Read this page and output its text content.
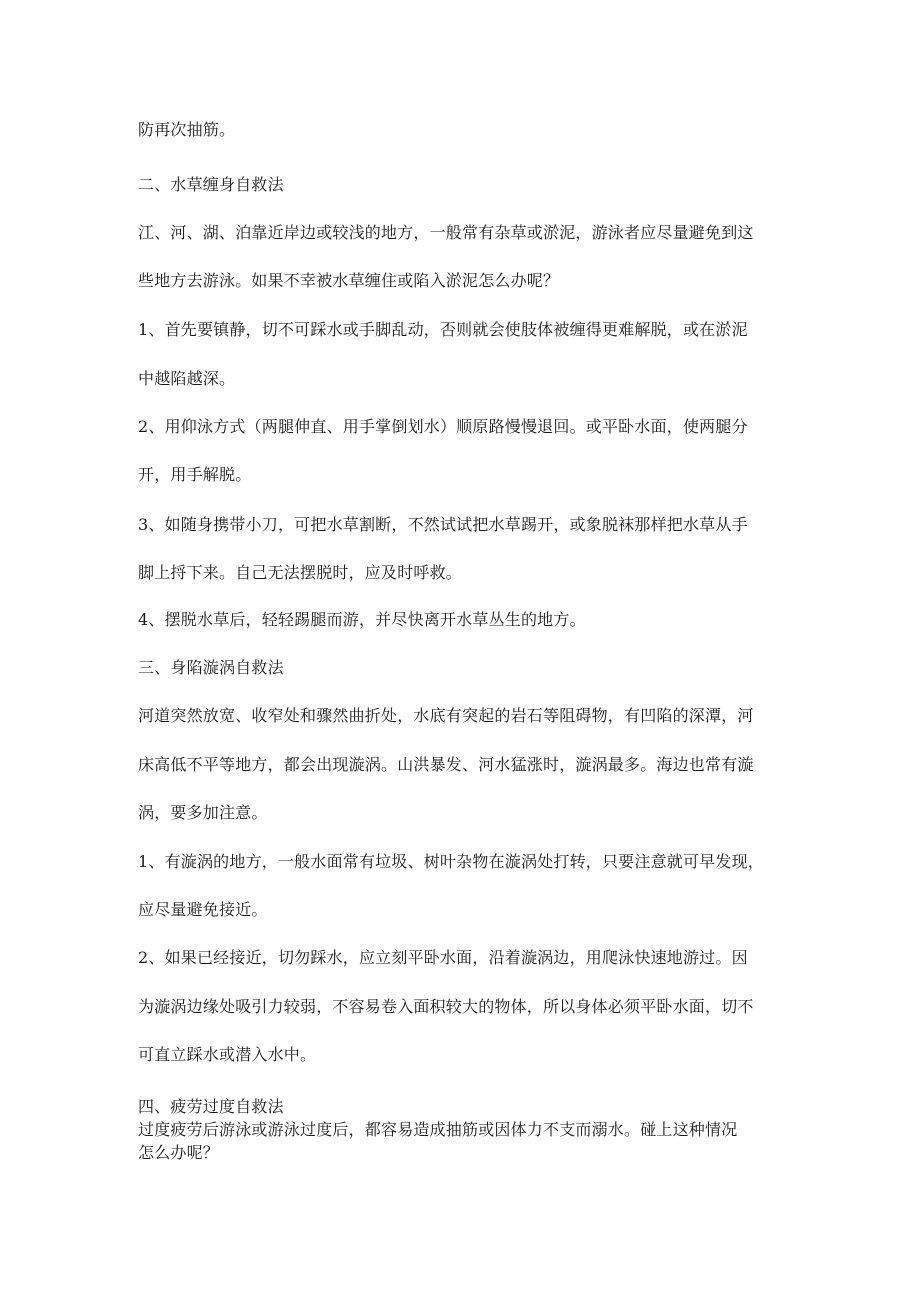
防再次抽筋。
二、水草缠身自救法
江、河、湖、泊靠近岸边或较浅的地方，一般常有杂草或淤泥，游泳者应尽量避免到这
些地方去游泳。如果不幸被水草缠住或陷入淤泥怎么办呢？
1、首先要镇静，切不可踩水或手脚乱动，否则就会使肢体被缠得更难解脱，或在淤泥
中越陷越深。
2、用仰泳方式（两腿伸直、用手掌倒划水）顺原路慢慢退回。或平卧水面，使两腿分
开，用手解脱。
3、如随身携带小刀，可把水草割断，不然试试把水草踢开，或象脱袜那样把水草从手
脚上捋下来。自己无法摆脱时，应及时呼救。
4、摆脱水草后，轻轻踢腿而游，并尽快离开水草丛生的地方。
三、身陷漩涡自救法
河道突然放宽、收窄处和骤然曲折处，水底有突起的岩石等阻碍物，有凹陷的深潭，河
床高低不平等地方，都会出现漩涡。山洪暴发、河水猛涨时，漩涡最多。海边也常有漩
涡，要多加注意。
1、有漩涡的地方，一般水面常有垃圾、树叶杂物在漩涡处打转，只要注意就可早发现，
应尽量避免接近。
2、如果已经接近，切勿踩水，应立刻平卧水面，沿着漩涡边，用爬泳快速地游过。因
为漩涡边缘处吸引力较弱，不容易卷入面积较大的物体，所以身体必须平卧水面，切不
可直立踩水或潜入水中。
四、疲劳过度自救法
过度疲劳后游泳或游泳过度后，都容易造成抽筋或因体力不支而溺水。碰上这种情况
怎么办呢？
